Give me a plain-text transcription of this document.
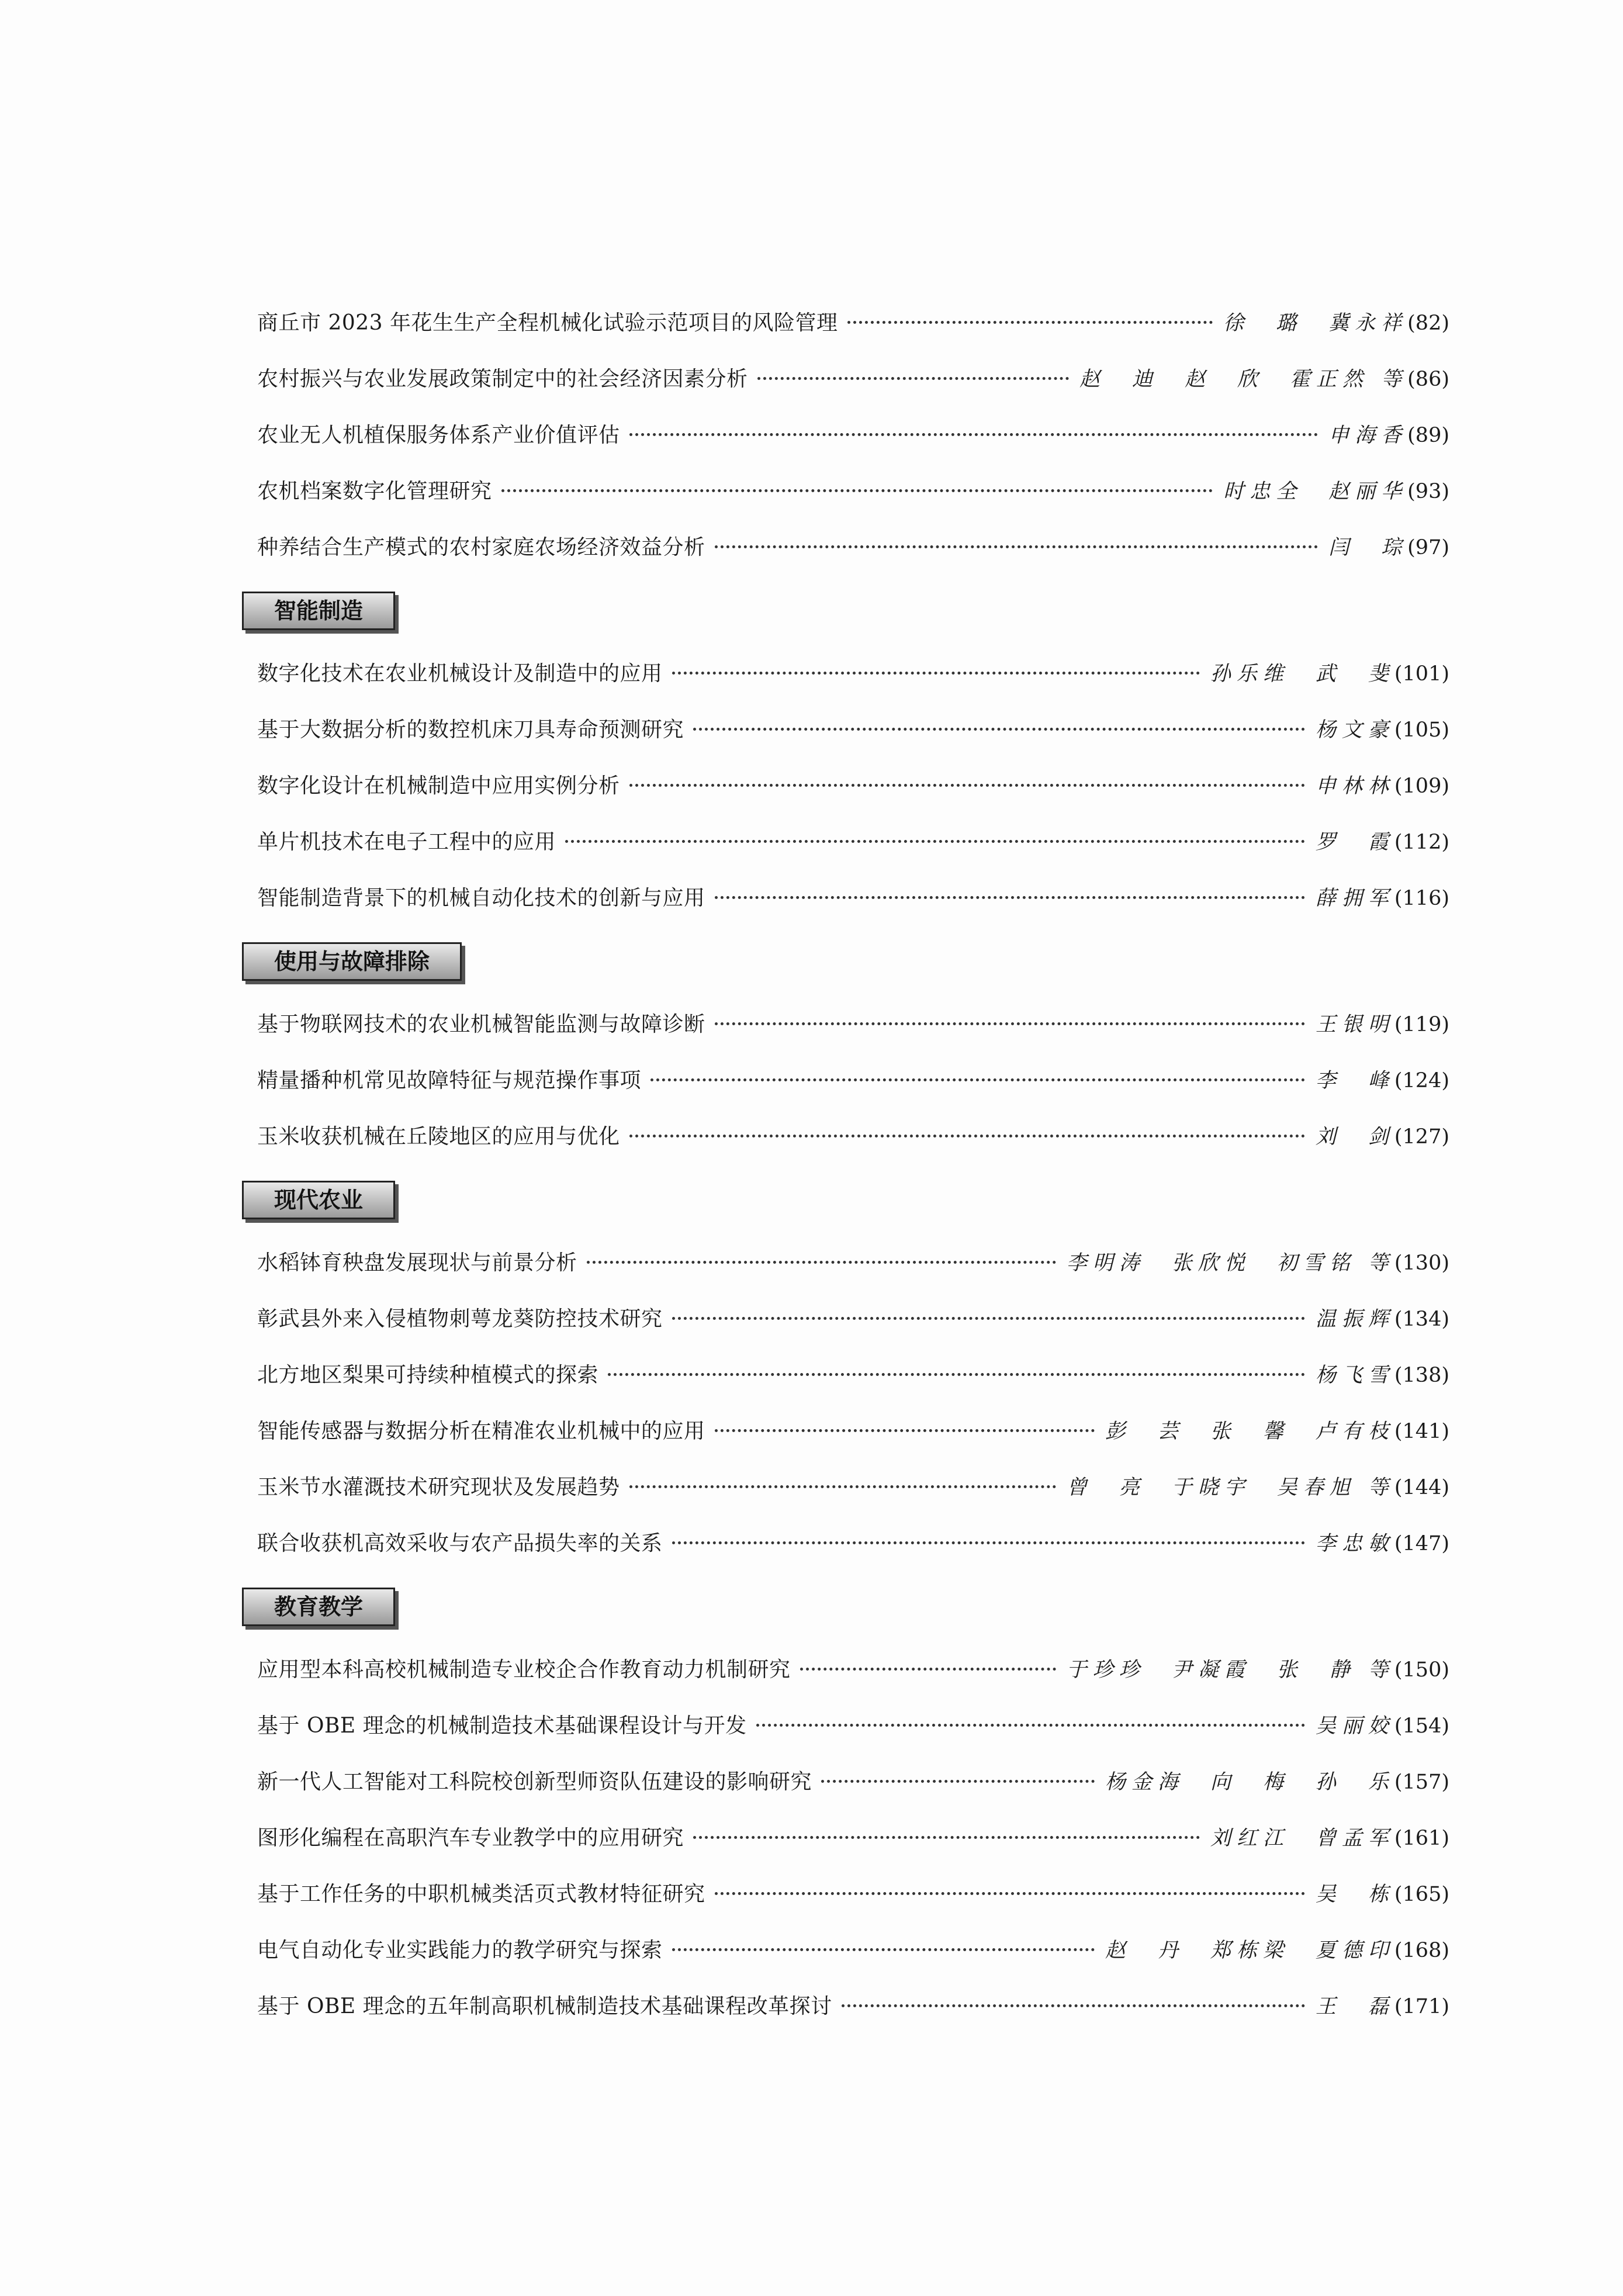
商丘市 2023 年花生生产全程机械化试验示范项目的风险管理	徐　璐　冀永祥 (82)
农村振兴与农业发展政策制定中的社会经济因素分析	赵　迪　赵　欣　霍正然 等 (86)
农业无人机植保服务体系产业价值评估	申海香 (89)
农机档案数字化管理研究	时忠全　赵丽华 (93)
种养结合生产模式的农村家庭农场经济效益分析	闫　琮 (97)
智能制造
数字化技术在农业机械设计及制造中的应用	孙乐维　武　斐 (101)
基于大数据分析的数控机床刀具寿命预测研究	杨文豪 (105)
数字化设计在机械制造中应用实例分析	申林林 (109)
单片机技术在电子工程中的应用	罗　霞 (112)
智能制造背景下的机械自动化技术的创新与应用	薛拥军 (116)
使用与故障排除
基于物联网技术的农业机械智能监测与故障诊断	王银明 (119)
精量播种机常见故障特征与规范操作事项	李　峰 (124)
玉米收获机械在丘陵地区的应用与优化	刘　剑 (127)
现代农业
水稻钵育秧盘发展现状与前景分析	李明涛　张欣悦　初雪铭 等 (130)
彰武县外来入侵植物刺萼龙葵防控技术研究	温振辉 (134)
北方地区梨果可持续种植模式的探索	杨飞雪 (138)
智能传感器与数据分析在精准农业机械中的应用	彭　芸　张　馨　卢有枝 (141)
玉米节水灌溉技术研究现状及发展趋势	曾　亮　于晓宇　吴春旭 等 (144)
联合收获机高效采收与农产品损失率的关系	李忠敏 (147)
教育教学
应用型本科高校机械制造专业校企合作教育动力机制研究	于珍珍　尹凝霞　张　静 等 (150)
基于 OBE 理念的机械制造技术基础课程设计与开发	吴丽姣 (154)
新一代人工智能对工科院校创新型师资队伍建设的影响研究	杨金海　向　梅　孙　乐 (157)
图形化编程在高职汽车专业教学中的应用研究	刘红江　曾孟军 (161)
基于工作任务的中职机械类活页式教材特征研究	吴　栋 (165)
电气自动化专业实践能力的教学研究与探索	赵　丹　郑栋梁　夏德印 (168)
基于 OBE 理念的五年制高职机械制造技术基础课程改革探讨	王　磊 (171)
